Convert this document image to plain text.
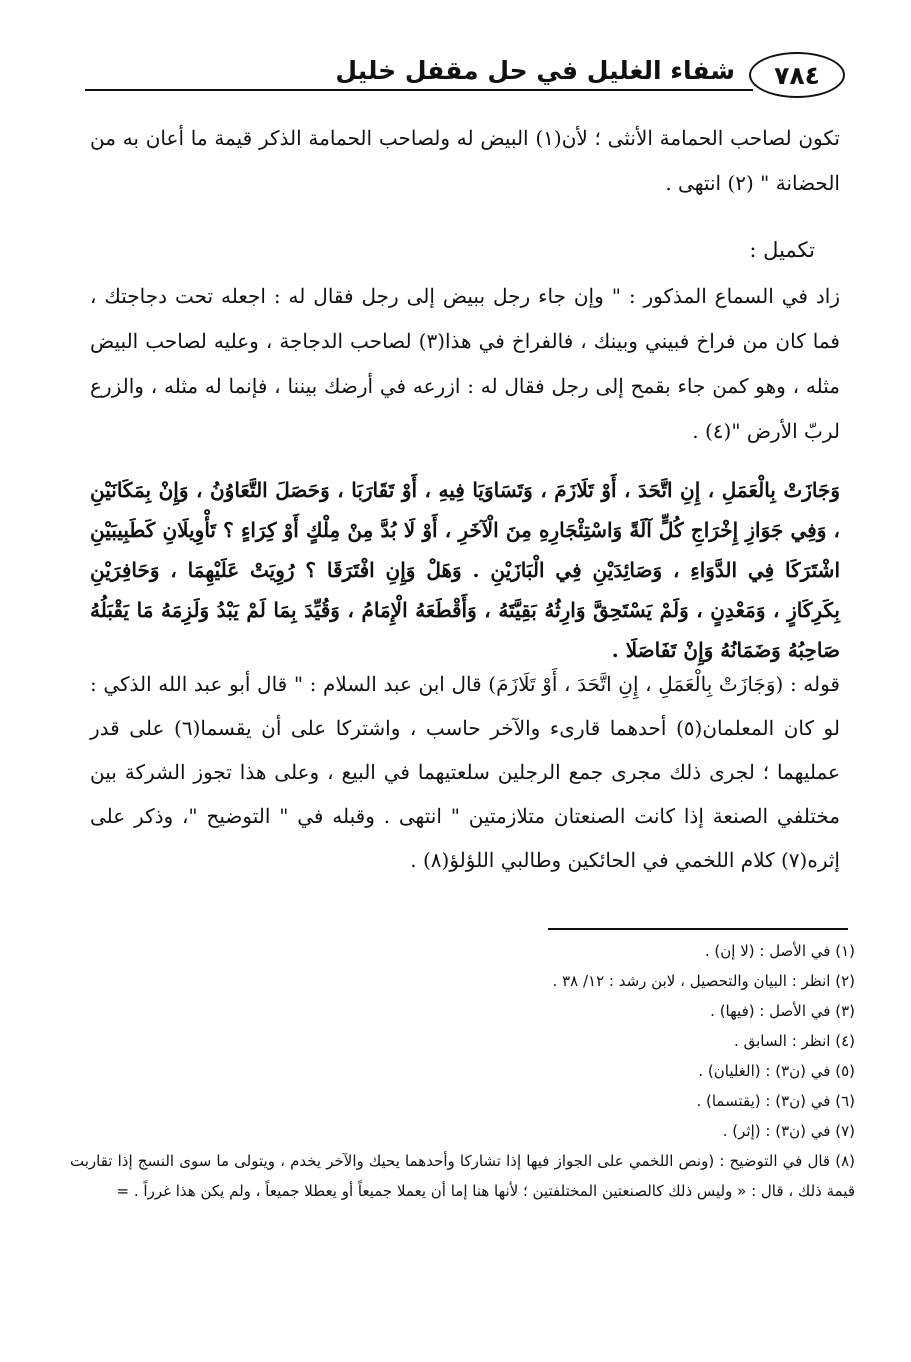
٧٨٤
شفاء الغليل في حل مقفل خليل

تكون لصاحب الحمامة الأنثى ؛ لأن(١) البيض له ولصاحب الحمامة الذكر قيمة ما أعان به من الحضانة " (٢) انتهى .

تكميل :

زاد في السماع المذكور : " وإن جاء رجل ببيض إلى رجل فقال له : اجعله تحت دجاجتك ، فما كان من فراخ فبيني وبينك ، فالفراخ في هذا(٣) لصاحب الدجاجة ، وعليه لصاحب البيض مثله ، وهو كمن جاء بقمح إلى رجل فقال له : ازرعه في أرضك بيننا ، فإنما له مثله ، والزرع لربّ الأرض "(٤) .

وَجَازَتْ بِالْعَمَلِ ، إِنِ اتَّحَدَ ، أَوْ تَلَازَمَ ، وَتَسَاوَيَا فِيهِ ، أَوْ تَقَارَبَا ، وَحَصَلَ التَّعَاوُنُ ، وَإِنْ بِمَكَانَيْنِ ، وَفِي جَوَازِ إِخْرَاجِ كُلٍّ آلَةً وَاسْتِئْجَارِهِ مِنَ الْآخَرِ ، أَوْ لَا بُدَّ مِنْ مِلْكٍ أَوْ كِرَاءٍ ؟ تَأْوِيلَانِ كَطَبِيبَيْنِ اشْتَرَكَا فِي الدَّوَاءِ ، وَصَائِدَيْنِ فِي الْبَازَيْنِ . وَهَلْ وَإِنِ افْتَرَقَا ؟ رُوِيَتْ عَلَيْهِمَا ، وَحَافِرَيْنِ بِكَرِكَازٍ ، وَمَعْدِنٍ ، وَلَمْ يَسْتَحِقَّ وَارِثُهُ بَقِيَّتَهُ ، وَأَقْطَعَهُ الْإِمَامُ ، وَقُيِّدَ بِمَا لَمْ يَبْدُ وَلَزِمَهُ مَا يَقْبَلُهُ صَاحِبُهُ وَضَمَانُهُ وَإِنْ تَفَاصَلَا .

قوله : (وَجَازَتْ بِالْعَمَلِ ، إِنِ اتَّحَدَ ، أَوْ تَلَازَمَ) قال ابن عبد السلام : " قال أبو عبد الله الذكي : لو كان المعلمان(٥) أحدهما قارىء والآخر حاسب ، واشتركا على أن يقسما(٦) على قدر عمليهما ؛ لجرى ذلك مجرى جمع الرجلين سلعتيهما في البيع ، وعلى هذا تجوز الشركة بين مختلفي الصنعة إذا كانت الصنعتان متلازمتين " انتهى . وقبله في " التوضيح "، وذكر على إثره(٧) كلام اللخمي في الحائكين وطالبي اللؤلؤ(٨) .

(١) في الأصل : (لا إن) .
(٢) انظر : البيان والتحصيل ، لابن رشد : ١٢/ ٣٨ .
(٣) في الأصل : (فيها) .
(٤) انظر : السابق .
(٥) في (ن٣) : (الغليان) .
(٦) في (ن٣) : (يقتسما) .
(٧) في (ن٣) : (إثر) .
(٨) قال في التوضيح : (ونص اللخمي على الجواز فيها إذا تشاركا وأحدهما يحيك والآخر يخدم ، ويتولى ما سوى النسج إذا تقاربت قيمة ذلك ، قال : « وليس ذلك كالصنعتين المختلفتين ؛ لأنها هنا إما أن يعملا جميعاً أو يعطلا جميعاً ، ولم يكن هذا غرراً . =
